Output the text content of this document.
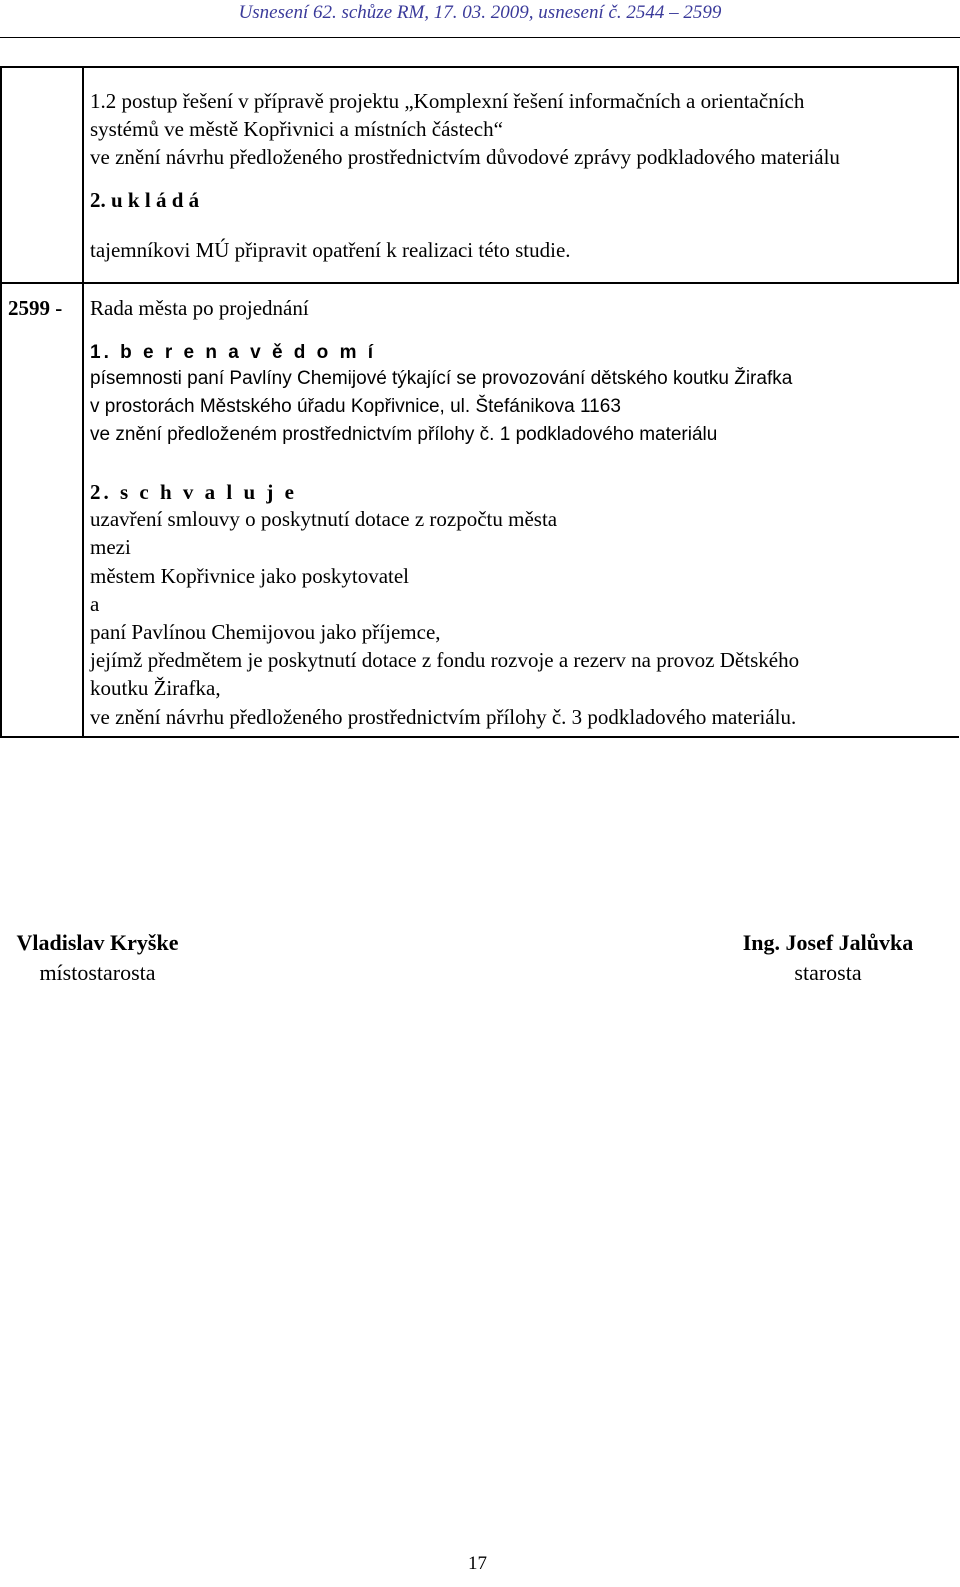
Usnesení 62. schůze RM, 17. 03. 2009, usnesení č. 2544 – 2599
1.2 postup řešení v přípravě projektu „Komplexní řešení informačních a orientačních
systémů ve městě Kopřivnici a místních částech“
ve znění návrhu předloženého prostřednictvím důvodové zprávy podkladového materiálu
2. u k l á d á
tajemníkovi MÚ připravit opatření k realizaci této studie.
2599 - Rada města po projednání
1. b e r e n a v ě d o m í
písemnosti paní Pavlíny Chemijové týkající se provozování dětského koutku Žirafka
v prostorách Městského úřadu Kopřivnice, ul. Štefánikova 1163
ve znění předloženém prostřednictvím přílohy č. 1 podkladového materiálu
2. s c h v a l u j e
uzavření smlouvy o poskytnutí dotace z rozpočtu města
mezi
městem Kopřivnice jako poskytovatel
a
paní Pavlínou Chemijovou jako příjemce,
jejímž předmětem je poskytnutí dotace z fondu rozvoje a rezerv na provoz Dětského
koutku Žirafka,
ve znění návrhu předloženého prostřednictvím přílohy č. 3 podkladového materiálu.
Vladislav Kryške
místostarosta
Ing. Josef Jalůvka
starosta
17
